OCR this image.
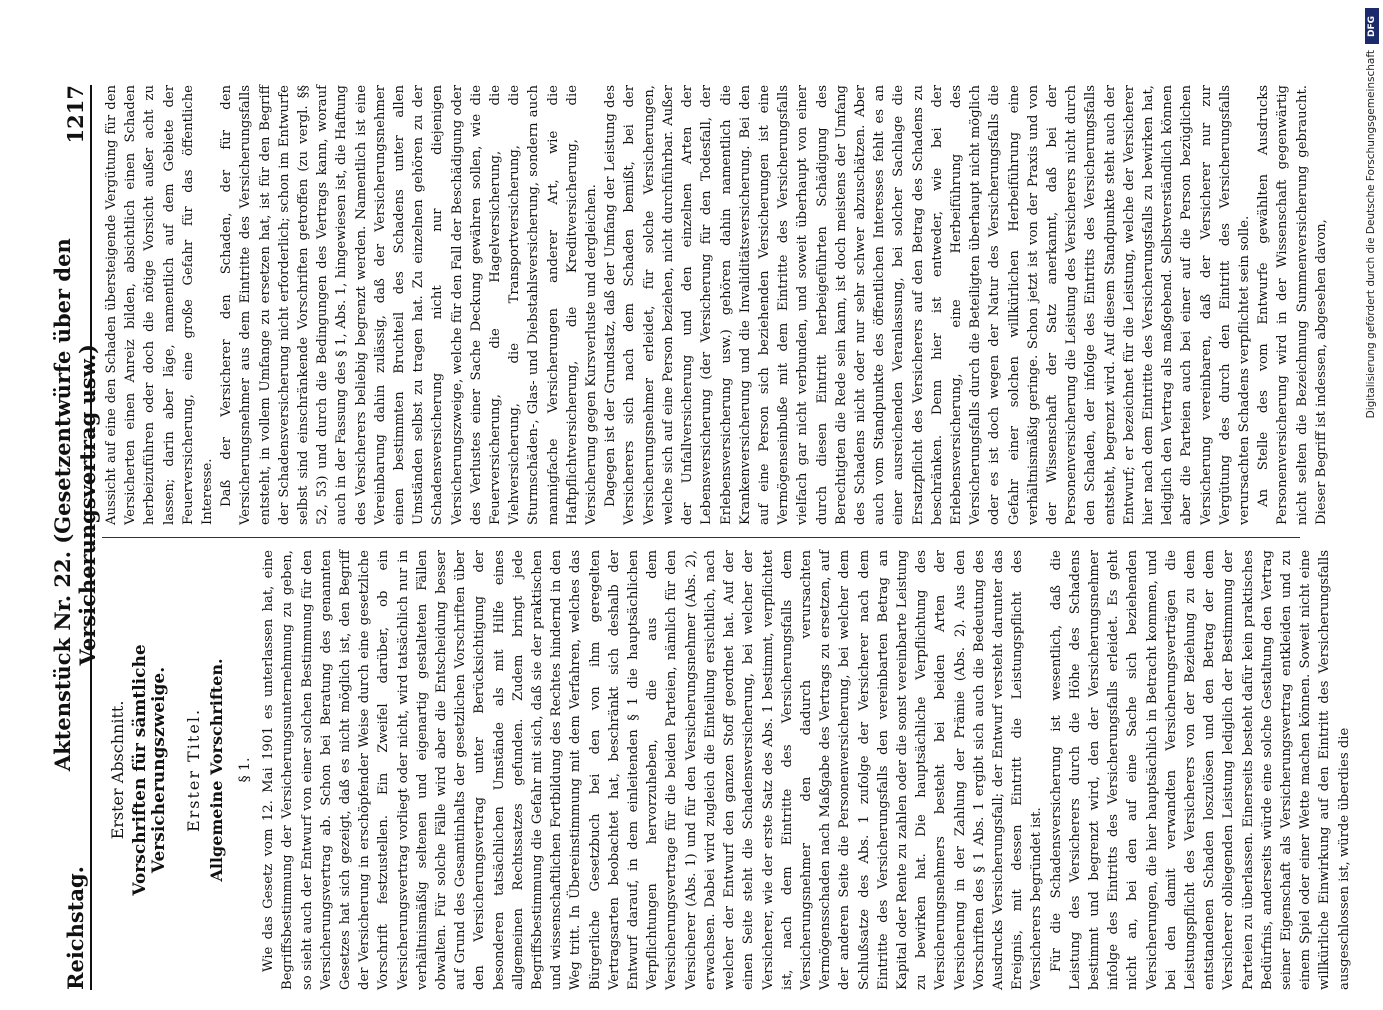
Reichstag.
Aktenstück Nr. 22. (Gesetzentwürfe über den Versicherungsvertrag usw.)
1217
Erster Abschnitt. Vorschriften für sämtliche Versicherungszweige. Erster Titel. Allgemeine Vorschriften. § 1. Wie das Gesetz vom 12. Mai 1901 es unterlassen hat, eine Begriffsbestimmung der Versicherungsunternehmung zu geben, so sieht auch der Entwurf von einer solchen Bestimmung für den Versicherungsvertrag ab. Schon bei Beratung des genannten Gesetzes hat sich gezeigt, daß es nicht möglich ist, den Begriff der Versicherung in erschöpfender Weise durch eine gesetzliche Vorschrift festzustellen. Ein Zweifel darüber, ob ein Versicherungsvertrag vorliegt oder nicht, wird tatsächlich nur in verhältnismäßig seltenen und eigenartig gestalteten Fällen obwalten. Für solche Fälle wird aber die Entscheidung besser auf Grund des Gesamtinhalts der gesetzlichen Vorschriften über den Versicherungsvertrag unter Berücksichtigung der besonderen tatsächlichen Umstände als mit Hilfe eines allgemeinen Rechtssatzes gefunden. Zudem bringt jede Begriffsbestimmung die Gefahr mit sich, daß sie der praktischen und wissenschaftlichen Fortbildung des Rechtes hindernd in den Weg tritt. In Übereinstimmung mit dem Verfahren, welches das Bürgerliche Gesetzbuch bei den von ihm geregelten Vertragsarten beobachtet hat, beschränkt sich deshalb der Entwurf darauf, in dem einleitenden § 1 die hauptsächlichen Verpflichtungen hervorzuheben, die aus dem Versicherungsvertrage für die beiden Parteien, nämlich für den Versicherer (Abs. 1) und für den Versicherungsnehmer (Abs. 2), erwachsen. Dabei wird zugleich die Einteilung ersichtlich, nach welcher der Entwurf den ganzen Stoff geordnet hat. Auf der einen Seite steht die Schadensversicherung, bei welcher der Versicherer, wie der erste Satz des Abs. 1 bestimmt, verpflichtet ist, nach dem Eintritte des Versicherungsfalls dem Versicherungsnehmer den dadurch verursachten Vermögensschaden nach Maßgabe des Vertrags zu ersetzen, auf der anderen Seite die Personenversicherung, bei welcher dem Schlußsatze des Abs. 1 zufolge der Versicherer nach dem Eintritte des Versicherungsfalls den vereinbarten Betrag an Kapital oder Rente zu zahlen oder die sonst vereinbarte Leistung zu bewirken hat. Die hauptsächliche Verpflichtung des Versicherungsnehmers besteht bei beiden Arten der Versicherung in der Zahlung der Prämie (Abs. 2). Aus den Vorschriften des § 1 Abs. 1 ergibt sich auch die Bedeutung des Ausdrucks Versicherungsfall; der Entwurf versteht darunter das Ereignis, mit dessen Eintritt die Leistungspflicht des Versicherers begründet ist. Für die Schadensversicherung ist wesentlich, daß die Leistung des Versicherers durch die Höhe des Schadens bestimmt und begrenzt wird, den der Versicherungsnehmer infolge des Eintritts des Versicherungsfalls erleidet. Es geht nicht an, bei den auf eine Sache sich beziehenden Versicherungen, die hier hauptsächlich in Betracht kommen, und bei den damit verwandten Versicherungsverträgen die Leistungspflicht des Versicherers von der Beziehung zu dem entstandenen Schaden loszulösen und den Betrag der dem Versicherer obliegenden Leistung lediglich der Bestimmung der Parteien zu überlassen. Einerseits besteht dafür kein praktisches Bedürfnis, anderseits würde eine solche Gestaltung den Vertrag seiner Eigenschaft als Versicherungsvertrag entkleiden und zu einem Spiel oder einer Wette machen können. Soweit nicht eine willkürliche Einwirkung auf den Eintritt des Versicherungsfalls ausgeschlossen ist, würde überdies die

Aussicht auf eine den Schaden übersteigende Vergütung für den Versicherten einen Anreiz bilden, absichtlich einen Schaden herbeizuführen oder doch die nötige Vorsicht außer acht zu lassen; darin aber läge, namentlich auf dem Gebiete der Feuerversicherung, eine große Gefahr für das öffentliche Interesse. Daß der Versicherer den Schaden, der für den Versicherungsnehmer aus dem Eintritte des Versicherungsfalls entsteht, in vollem Umfange zu ersetzen hat, ist für den Begriff der Schadensversicherung nicht erforderlich; schon im Entwurfe selbst sind einschränkende Vorschriften getroffen (zu vergl. §§ 52, 53) und durch die Bedingungen des Vertrags kann, worauf auch in der Fassung des § 1, Abs. 1, hingewiesen ist, die Haftung des Versicherers beliebig begrenzt werden. Namentlich ist eine Vereinbarung dahin zulässig, daß der Versicherungsnehmer einen bestimmten Bruchteil des Schadens unter allen Umständen selbst zu tragen hat. Zu einzelnen gehören zu der Schadensversicherung nicht nur diejenigen Versicherungszweige, welche für den Fall der Beschädigung oder des Verlustes einer Sache Deckung gewähren sollen, wie die Feuerversicherung, die Hagelversicherung, die Viehversicherung, die Transportversicherung, die Sturmschäden-, Glas- und Diebstahlsversicherung, sondern auch mannigfache Versicherungen anderer Art, wie die Haftpflichtversicherung, die Kreditversicherung, die Versicherung gegen Kursverluste und dergleichen. Dagegen ist der Grundsatz, daß der Umfang der Leistung des Versicherers sich nach dem Schaden bemißt, bei der Versicherungsnehmer erleidet, für solche Versicherungen, welche sich auf eine Person beziehen, nicht durchführbar. Außer der Unfallversicherung und den einzelnen Arten der Lebensversicherung (der Versicherung für den Todesfall, der Erlebensversicherung usw.) gehören dahin namentlich die Krankenversicherung und die Invaliditätsversicherung. Bei den auf eine Person sich beziehenden Versicherungen ist eine Vermögenseinbuße mit dem Eintritte des Versicherungsfalls vielfach gar nicht verbunden, und soweit überhaupt von einer durch diesen Eintritt herbeigeführten Schädigung des Berechtigten die Rede sein kann, ist doch meistens der Umfang des Schadens nicht oder nur sehr schwer abzuschätzen. Aber auch vom Standpunkte des öffentlichen Interesses fehlt es an einer ausreichenden Veranlassung, bei solcher Sachlage die Ersatzpflicht des Versicherers auf den Betrag des Schadens zu beschränken. Denn hier ist entweder, wie bei der Erlebensversicherung, eine Herbeiführung des Versicherungsfalls durch die Beteiligten überhaupt nicht möglich oder es ist doch wegen der Natur des Versicherungsfalls die Gefahr einer solchen willkürlichen Herbeiführung eine verhältnismäßig geringe. Schon jetzt ist von der Praxis und von der Wissenschaft der Satz anerkannt, daß bei der Personenversicherung die Leistung des Versicherers nicht durch den Schaden, der infolge des Eintritts des Versicherungsfalls entsteht, begrenzt wird. Auf diesem Standpunkte steht auch der Entwurf; er bezeichnet für die Leistung, welche der Versicherer hier nach dem Eintritte des Versicherungsfalls zu bewirken hat, lediglich den Vertrag als maßgebend. Selbstverständlich können aber die Parteien auch bei einer auf die Person bezüglichen Versicherung vereinbaren, daß der Versicherer nur zur Vergütung des durch den Eintritt des Versicherungsfalls verursachten Schadens verpflichtet sein solle. An Stelle des vom Entwurfe gewählten Ausdrucks Personenversicherung wird in der Wissenschaft gegenwärtig nicht selten die Bezeichnung Summenversicherung gebraucht. Dieser Begriff ist indessen, abgesehen davon,

DFG
Digitalisierung gefördert durch die Deutsche Forschungsgemeinschaft
